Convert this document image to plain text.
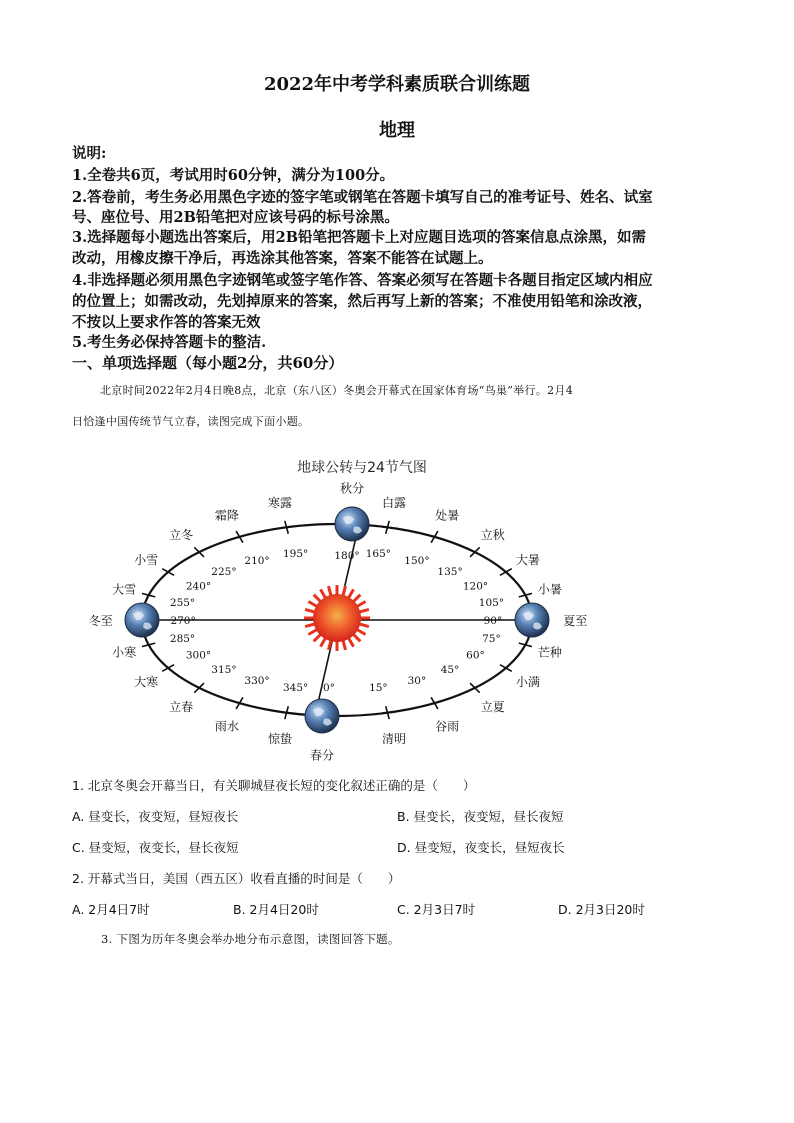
2022年中考学科素质联合训练题
地理
说明:
1.全卷共6页，考试用时60分钟，满分为100分。
2.答卷前，考生务必用黑色字迹的签字笔或钢笔在答题卡填写自己的准考证号、姓名、试室
号、座位号、用2B铅笔把对应该号码的标号涂黑。
3.选择题每小题选出答案后，用2B铅笔把答题卡上对应题目选项的答案信息点涂黑，如需
改动，用橡皮擦干净后，再选涂其他答案，答案不能答在试题上。
4.非选择题必须用黑色字迹钢笔或签字笔作答、答案必须写在答题卡各题目指定区域内相应
的位置上；如需改动，先划掉原来的答案，然后再写上新的答案；不准使用铅笔和涂改液，
不按以上要求作答的答案无效
5.考生务必保持答题卡的整洁.
一、单项选择题（每小题2分，共60分）
北京时间2022年2月4日晚8点，北京（东八区）冬奥会开幕式在国家体育场“鸟巢”举行。2月4
日恰逢中国传统节气立春，读图完成下面小题。
地球公转与24节气图
秋分
180°
白露
165°
处暑
150°
立秋
135°
大暑
120°	小暑
105°
夏至
90°
芒种
75°
小满
60°
立夏
45°
谷雨
30°
清明
15°
春分
0°
惊蛰
345°
雨水
330°
立春
315°
大寒
300°
小寒
285°
冬至	270°
大雪
255°
小雪
240°
立冬
225°
霜降
210°
寒露
195°
1. 北京冬奥会开幕当日，有关聊城昼夜长短的变化叙述正确的是（　　）
A. 昼变长，夜变短，昼短夜长	B. 昼变长，夜变短，昼长夜短
C. 昼变短，夜变长，昼长夜短	D. 昼变短，夜变长，昼短夜长
2. 开幕式当日，美国（西五区）收看直播的时间是（　　）
A. 2月4日7时	B. 2月4日20时	C. 2月3日7时	D. 2月3日20时
3. 下图为历年冬奥会举办地分布示意图，读图回答下题。
